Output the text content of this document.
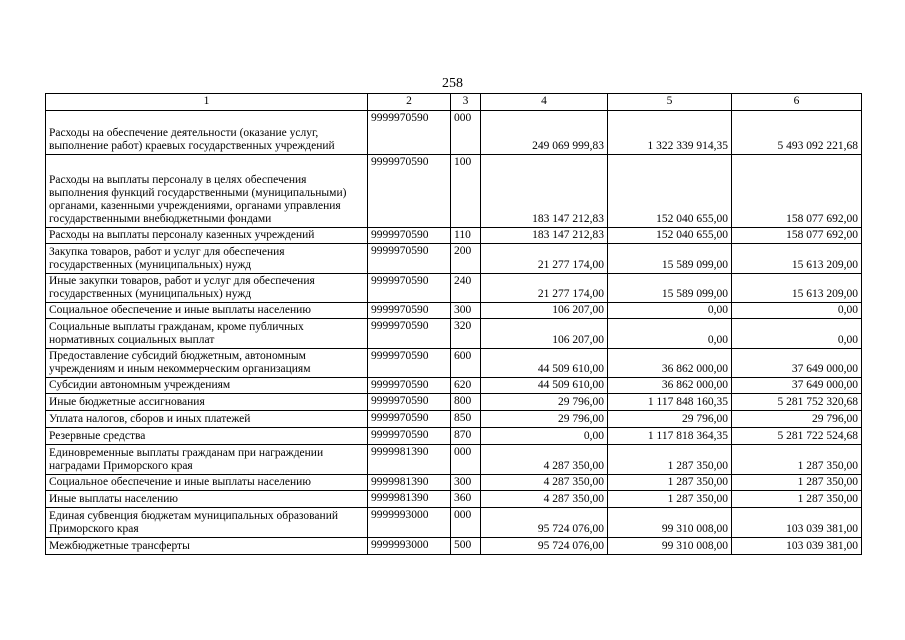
258
1	2	3	4	5	6
Расходы на обеспечение деятельности (оказание услуг, выполнение работ) краевых государственных учреждений	9999970590	000	249 069 999,83	1 322 339 914,35	5 493 092 221,68
Расходы на выплаты персоналу в целях обеспечения выполнения функций государственными (муниципальными) органами, казенными учреждениями, органами управления государственными внебюджетными фондами	9999970590	100	183 147 212,83	152 040 655,00	158 077 692,00
Расходы на выплаты персоналу казенных учреждений	9999970590	110	183 147 212,83	152 040 655,00	158 077 692,00
Закупка товаров, работ и услуг для обеспечения государственных (муниципальных) нужд	9999970590	200	21 277 174,00	15 589 099,00	15 613 209,00
Иные закупки товаров, работ и услуг для обеспечения государственных (муниципальных) нужд	9999970590	240	21 277 174,00	15 589 099,00	15 613 209,00
Социальное обеспечение и иные выплаты населению	9999970590	300	106 207,00	0,00	0,00
Социальные выплаты гражданам, кроме публичных нормативных социальных выплат	9999970590	320	106 207,00	0,00	0,00
Предоставление субсидий бюджетным, автономным учреждениям и иным некоммерческим организациям	9999970590	600	44 509 610,00	36 862 000,00	37 649 000,00
Субсидии автономным учреждениям	9999970590	620	44 509 610,00	36 862 000,00	37 649 000,00
Иные бюджетные ассигнования	9999970590	800	29 796,00	1 117 848 160,35	5 281 752 320,68
Уплата налогов, сборов и иных платежей	9999970590	850	29 796,00	29 796,00	29 796,00
Резервные средства	9999970590	870	0,00	1 117 818 364,35	5 281 722 524,68
Единовременные выплаты гражданам при награждении наградами Приморского края	9999981390	000	4 287 350,00	1 287 350,00	1 287 350,00
Социальное обеспечение и иные выплаты населению	9999981390	300	4 287 350,00	1 287 350,00	1 287 350,00
Иные выплаты населению	9999981390	360	4 287 350,00	1 287 350,00	1 287 350,00
Единая субвенция бюджетам муниципальных образований Приморского края	9999993000	000	95 724 076,00	99 310 008,00	103 039 381,00
Межбюджетные трансферты	9999993000	500	95 724 076,00	99 310 008,00	103 039 381,00
